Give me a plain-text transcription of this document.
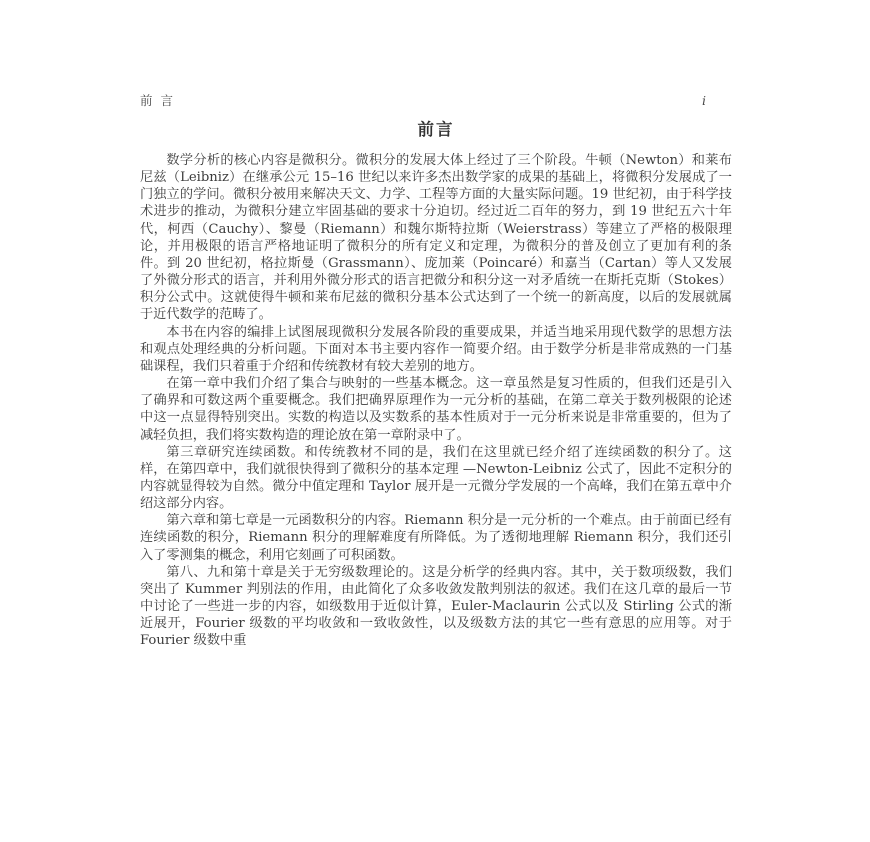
前 言	i
前言

数学分析的核心内容是微积分。微积分的发展大体上经过了三个阶段。牛顿（Newton）和莱布尼兹（Leibniz）在继承公元 15–16 世纪以来许多杰出数学家的成果的基础上，将微积分发展成了一门独立的学问。微积分被用来解决天文、力学、工程等方面的大量实际问题。19 世纪初，由于科学技术进步的推动，为微积分建立牢固基础的要求十分迫切。经过近二百年的努力，到 19 世纪五六十年代，柯西（Cauchy）、黎曼（Riemann）和魏尔斯特拉斯（Weierstrass）等建立了严格的极限理论，并用极限的语言严格地证明了微积分的所有定义和定理，为微积分的普及创立了更加有利的条件。到 20 世纪初，格拉斯曼（Grassmann）、庞加莱（Poincaré）和嘉当（Cartan）等人又发展了外微分形式的语言，并利用外微分形式的语言把微分和积分这一对矛盾统一在斯托克斯（Stokes）积分公式中。这就使得牛顿和莱布尼兹的微积分基本公式达到了一个统一的新高度，以后的发展就属于近代数学的范畴了。

本书在内容的编排上试图展现微积分发展各阶段的重要成果，并适当地采用现代数学的思想方法和观点处理经典的分析问题。下面对本书主要内容作一简要介绍。由于数学分析是非常成熟的一门基础课程，我们只着重于介绍和传统教材有较大差别的地方。

在第一章中我们介绍了集合与映射的一些基本概念。这一章虽然是复习性质的，但我们还是引入了确界和可数这两个重要概念。我们把确界原理作为一元分析的基础，在第二章关于数列极限的论述中这一点显得特别突出。实数的构造以及实数系的基本性质对于一元分析来说是非常重要的，但为了减轻负担，我们将实数构造的理论放在第一章附录中了。

第三章研究连续函数。和传统教材不同的是，我们在这里就已经介绍了连续函数的积分了。这样，在第四章中，我们就很快得到了微积分的基本定理 —Newton-Leibniz 公式了，因此不定积分的内容就显得较为自然。微分中值定理和 Taylor 展开是一元微分学发展的一个高峰，我们在第五章中介绍这部分内容。

第六章和第七章是一元函数积分的内容。Riemann 积分是一元分析的一个难点。由于前面已经有连续函数的积分，Riemann 积分的理解难度有所降低。为了透彻地理解 Riemann 积分，我们还引入了零测集的概念，利用它刻画了可积函数。

第八、九和第十章是关于无穷级数理论的。这是分析学的经典内容。其中，关于数项级数，我们突出了 Kummer 判别法的作用，由此简化了众多收敛发散判别法的叙述。我们在这几章的最后一节中讨论了一些进一步的内容，如级数用于近似计算，Euler-Maclaurin 公式以及 Stirling 公式的渐近展开，Fourier 级数的平均收敛和一致收敛性，以及级数方法的其它一些有意思的应用等。对于 Fourier 级数中重
